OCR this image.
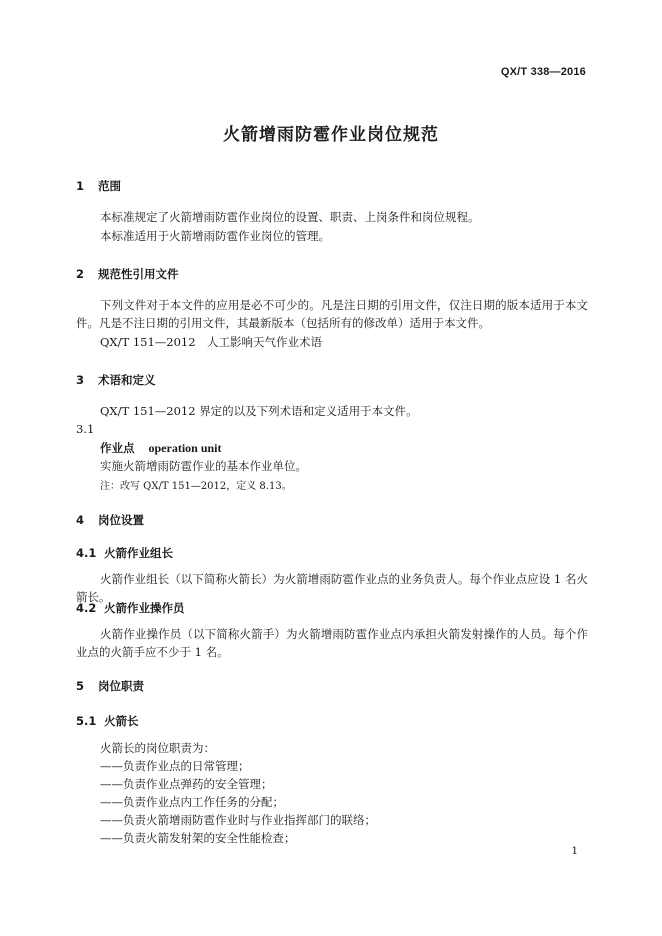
QX/T 338—2016
火箭增雨防雹作业岗位规范
1 范围
本标准规定了火箭增雨防雹作业岗位的设置、职责、上岗条件和岗位规程。
本标准适用于火箭增雨防雹作业岗位的管理。
2 规范性引用文件
下列文件对于本文件的应用是必不可少的。凡是注日期的引用文件，仅注日期的版本适用于本文件。凡是不注日期的引用文件，其最新版本（包括所有的修改单）适用于本文件。
QX/T 151—2012　人工影响天气作业术语
3 术语和定义
QX/T 151—2012 界定的以及下列术语和定义适用于本文件。
3.1
作业点 operation unit
实施火箭增雨防雹作业的基本作业单位。
注：改写 QX/T 151—2012，定义 8.13。
4 岗位设置
4.1 火箭作业组长
火箭作业组长（以下简称火箭长）为火箭增雨防雹作业点的业务负责人。每个作业点应设 1 名火箭长。
4.2 火箭作业操作员
火箭作业操作员（以下简称火箭手）为火箭增雨防雹作业点内承担火箭发射操作的人员。每个作业点的火箭手应不少于 1 名。
5 岗位职责
5.1 火箭长
火箭长的岗位职责为：
——负责作业点的日常管理；
——负责作业点弹药的安全管理；
——负责作业点内工作任务的分配；
——负责火箭增雨防雹作业时与作业指挥部门的联络；
——负责火箭发射架的安全性能检查；
1
